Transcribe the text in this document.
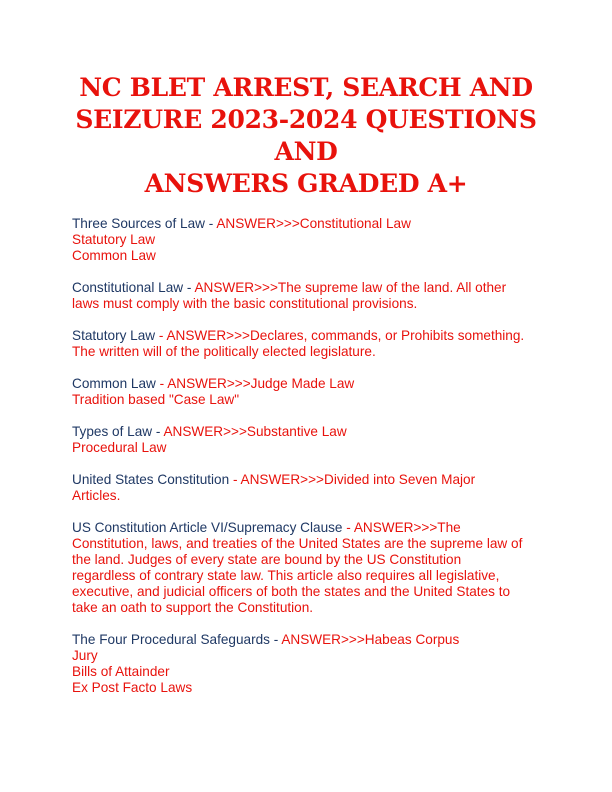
NC BLET ARREST, SEARCH AND
SEIZURE 2023-2024 QUESTIONS AND
ANSWERS GRADED A+

Three Sources of Law - ANSWER>>>Constitutional Law
Statutory Law
Common Law

Constitutional Law - ANSWER>>>The supreme law of the land. All other
laws must comply with the basic constitutional provisions.

Statutory Law - ANSWER>>>Declares, commands, or Prohibits something.
The written will of the politically elected legislature.

Common Law - ANSWER>>>Judge Made Law
Tradition based "Case Law"

Types of Law - ANSWER>>>Substantive Law
Procedural Law

United States Constitution - ANSWER>>>Divided into Seven Major
Articles.

US Constitution Article VI/Supremacy Clause - ANSWER>>>The
Constitution, laws, and treaties of the United States are the supreme law of
the land. Judges of every state are bound by the US Constitution
regardless of contrary state law. This article also requires all legislative,
executive, and judicial officers of both the states and the United States to
take an oath to support the Constitution.

The Four Procedural Safeguards - ANSWER>>>Habeas Corpus
Jury
Bills of Attainder
Ex Post Facto Laws
